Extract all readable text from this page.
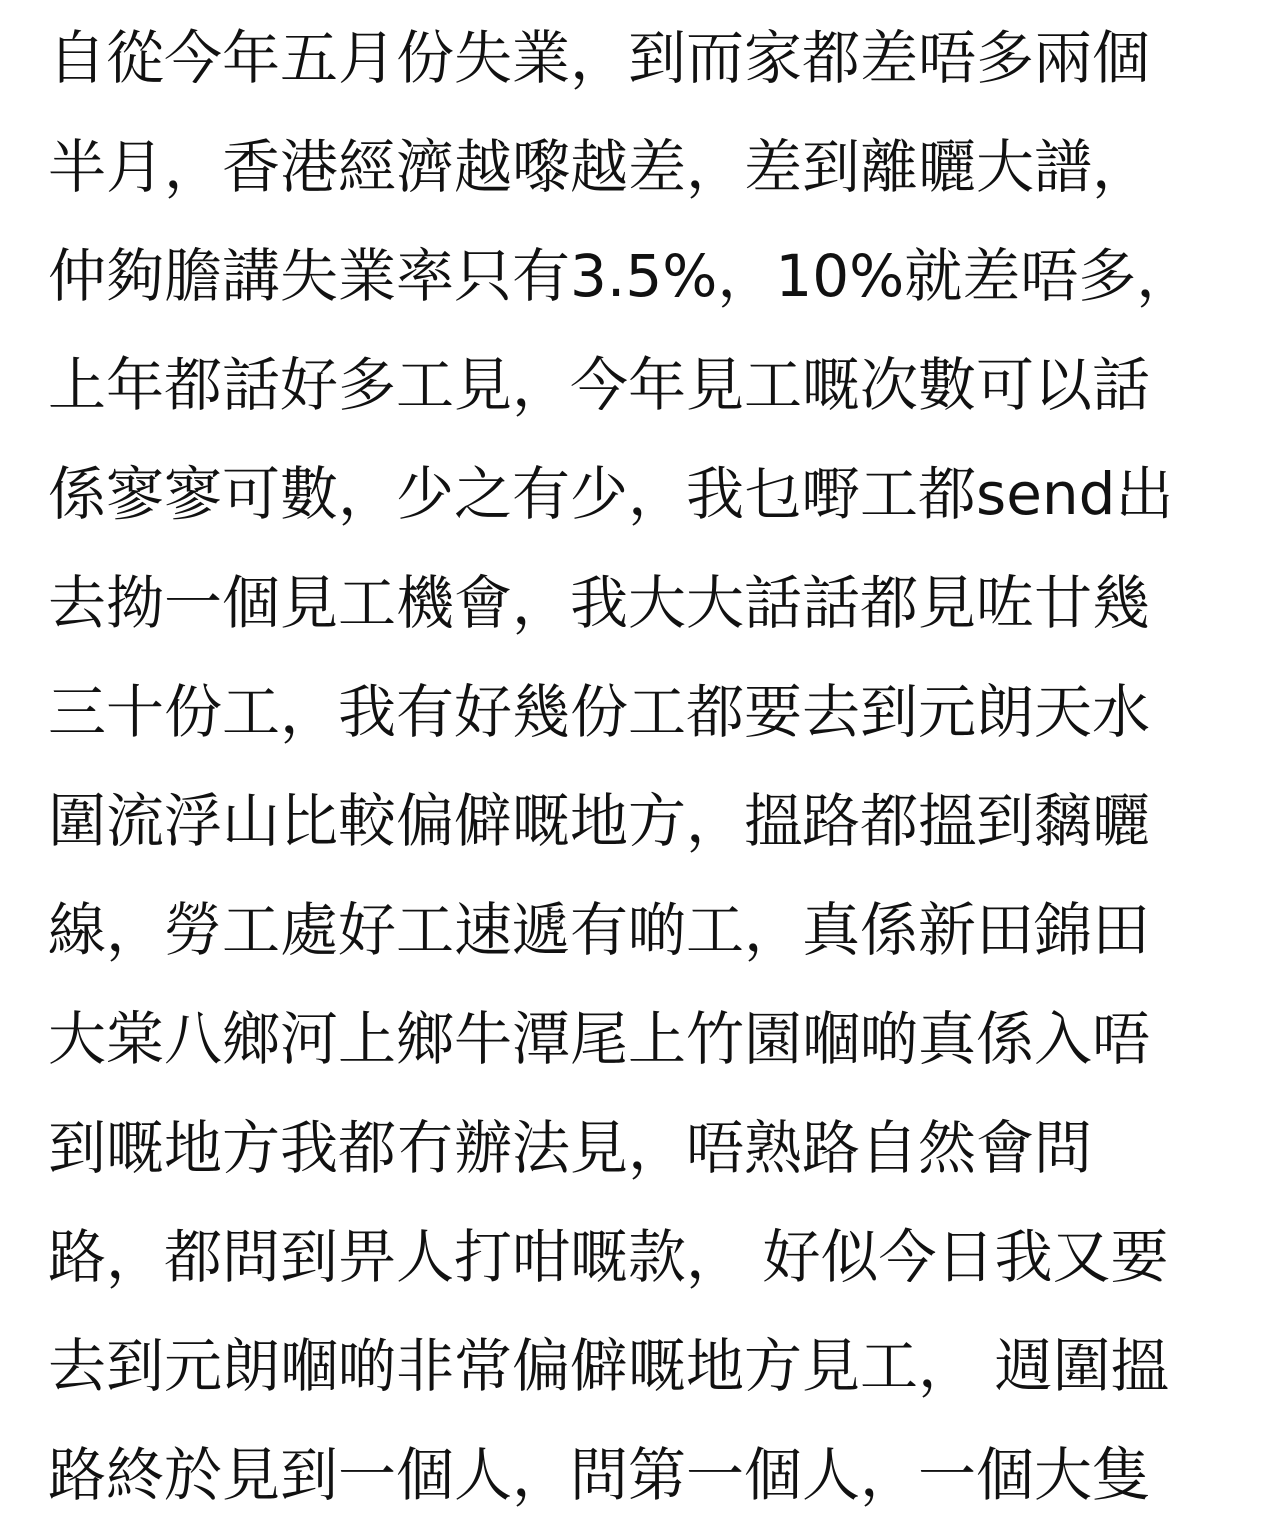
自從今年五月份失業，到而家都差唔多兩個
半月，香港經濟越嚟越差，差到離曬大譜，
仲夠膽講失業率只有3.5%，10%就差唔多，
上年都話好多工見，今年見工嘅次數可以話
係寥寥可數，少之有少，我乜嘢工都send出
去拗一個見工機會，我大大話話都見咗廿幾
三十份工，我有好幾份工都要去到元朗天水
圍流浮山比較偏僻嘅地方，搵路都搵到黐曬
線，勞工處好工速遞有啲工，真係新田錦田
大棠八鄉河上鄉牛潭尾上竹園嗰啲真係入唔
到嘅地方我都冇辦法見，唔熟路自然會問
路，都問到畀人打咁嘅款， 好似今日我又要
去到元朗嗰啲非常偏僻嘅地方見工， 週圍搵
路終於見到一個人，問第一個人，一個大隻
